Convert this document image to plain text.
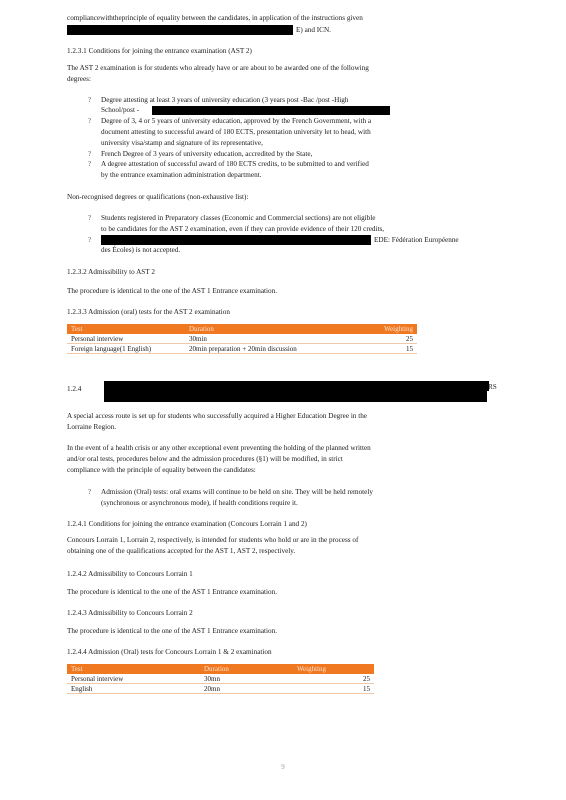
compliancewiththeprinciple of equality between the candidates, in application of the instructions given
E) and ICN.
1.2.3.1 Conditions for joining the entrance examination (AST 2)
The AST 2 examination is for students who already have or are about to be awarded one of the following
degrees:
? Degree attesting at least 3 years of university education (3 years post -Bac /post -High
School/post -
? Degree of 3, 4 or 5 years of university education, approved by the French Government, with a
document attesting to successful award of 180 ECTS, presentation university let to head, with
university visa/stamp and signature of its representative,
? French Degree of 3 years of university education, accredited by the State,
? A degree attestation of successful award of 180 ECTS credits, to be submitted to and verified
by the entrance examination administration department.
Non-recognised degrees or qualifications (non-exhaustive list):
? Students registered in Preparatory classes (Economic and Commercial sections) are not eligible
to be candidates for the AST 2 examination, even if they can provide evidence of their 120 credits,
?	EDE: Fédération Européenne
des Écoles) is not accepted.
1.2.3.2 Admissibility to AST 2
The procedure is identical to the one of the AST 1 Entrance examination.
1.2.3.3 Admission (oral) tests for the AST 2 examination
Test	Duration	Weighting
Personal interview	30min	25
Foreign language(1 English)	20min preparation + 20min discussion	15
1.2.4	RS
A special access route is set up for students who successfully acquired a Higher Education Degree in the
Lorraine Region.
In the event of a health crisis or any other exceptional event preventing the holding of the planned written
and/or oral tests, procedures below and the admission procedures (§1) will be modified, in strict
compliance with the principle of equality between the candidates:
? Admission (Oral) tests: oral exams will continue to be held on site. They will be held remotely
(synchronous or asynchronous mode), if health conditions require it.
1.2.4.1 Conditions for joining the entrance examination (Concours Lorrain 1 and 2)
Concours Lorrain 1, Lorrain 2, respectively, is intended for students who hold or are in the process of
obtaining one of the qualifications accepted for the AST 1, AST 2, respectively.
1.2.4.2 Admissibility to Concours Lorrain 1
The procedure is identical to the one of the AST 1 Entrance examination.
1.2.4.3 Admissibility to Concours Lorrain 2
The procedure is identical to the one of the AST 1 Entrance examination.
1.2.4.4 Admission (Oral) tests for Concours Lorrain 1 & 2 examination
Test	Duration	Weighting
Personal interview	30mn	25
English	20mn	15
9
